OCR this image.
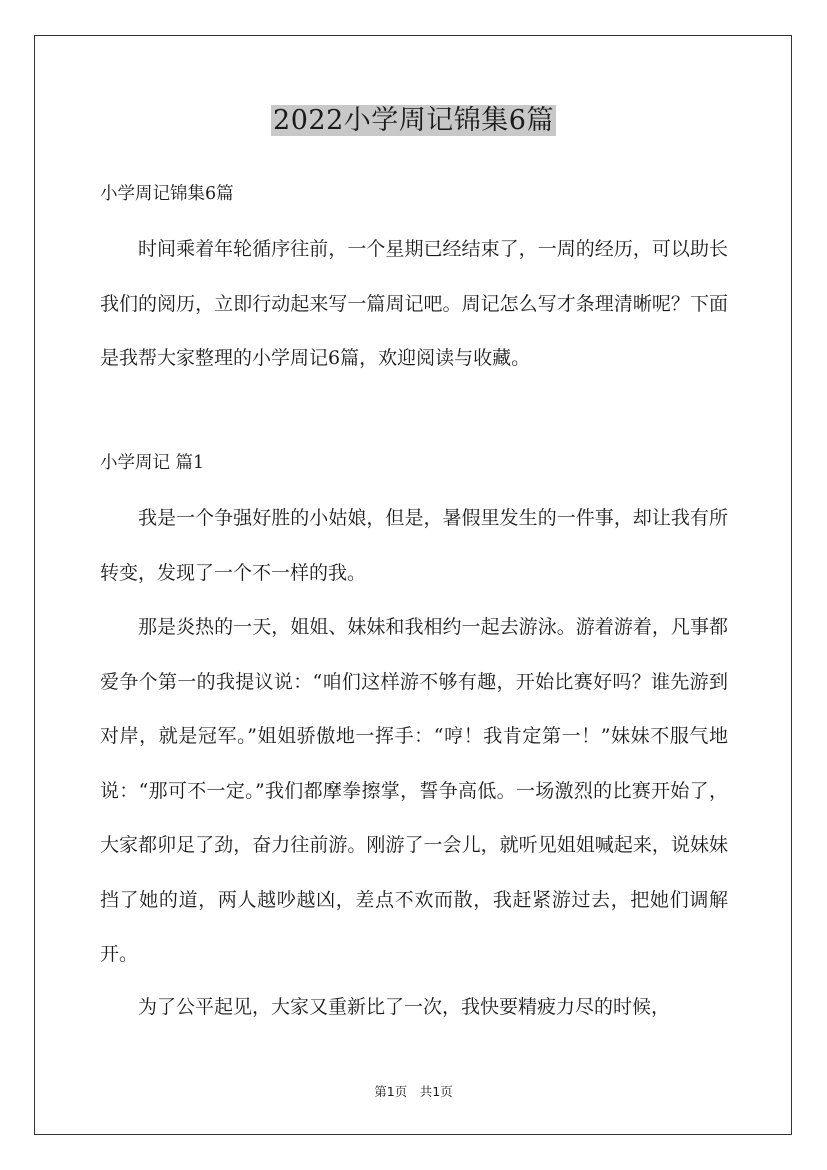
2022小学周记锦集6篇
小学周记锦集6篇

时间乘着年轮循序往前，一个星期已经结束了，一周的经历，可以助长我们的阅历，立即行动起来写一篇周记吧。周记怎么写才条理清晰呢？下面是我帮大家整理的小学周记6篇，欢迎阅读与收藏。

小学周记 篇1

我是一个争强好胜的小姑娘，但是，暑假里发生的一件事，却让我有所转变，发现了一个不一样的我。

那是炎热的一天，姐姐、妹妹和我相约一起去游泳。游着游着，凡事都爱争个第一的我提议说：“咱们这样游不够有趣，开始比赛好吗？谁先游到对岸，就是冠军。”姐姐骄傲地一挥手：“哼！我肯定第一！”妹妹不服气地说：“那可不一定。”我们都摩拳擦掌，誓争高低。一场激烈的比赛开始了，大家都卯足了劲，奋力往前游。刚游了一会儿，就听见姐姐喊起来，说妹妹挡了她的道，两人越吵越凶，差点不欢而散，我赶紧游过去，把她们调解开。

为了公平起见，大家又重新比了一次，我快要精疲力尽的时候，

第1页　共1页
